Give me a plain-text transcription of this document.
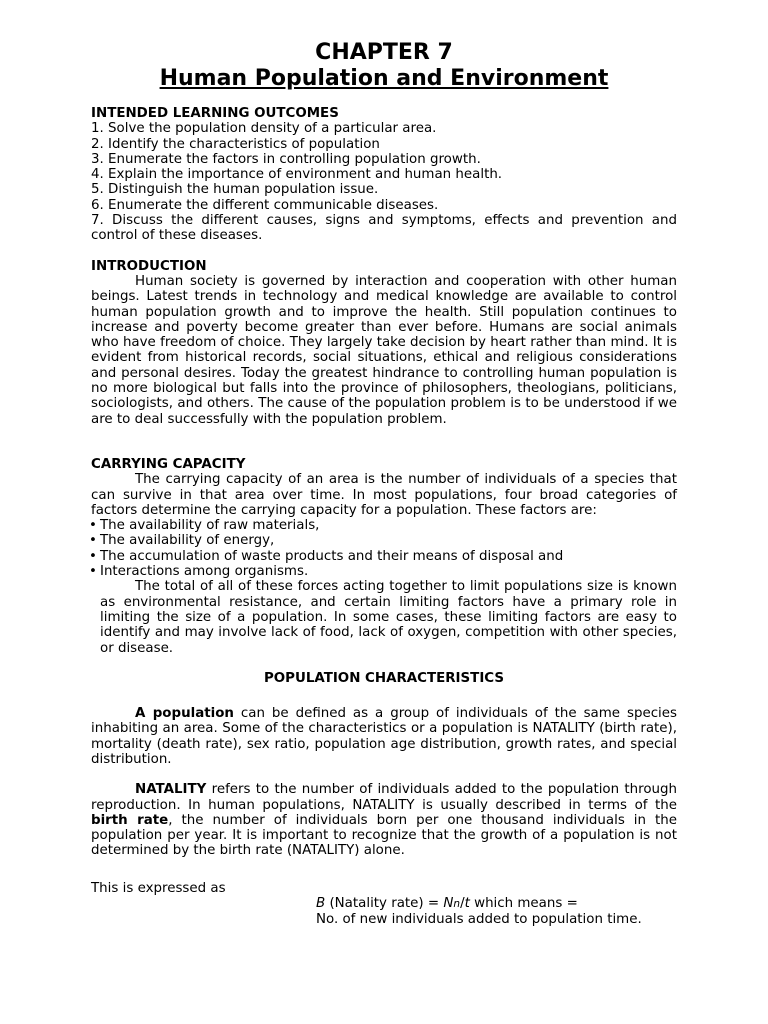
CHAPTER 7
Human Population and Environment
INTENDED LEARNING OUTCOMES
1. Solve the population density of a particular area.
2. Identify the characteristics of population
3. Enumerate the factors in controlling population growth.
4. Explain the importance of environment and human health.
5. Distinguish the human population issue.
6. Enumerate the different communicable diseases.
7. Discuss the different causes, signs and symptoms, effects and prevention and control of these diseases.
INTRODUCTION

Human society is governed by interaction and cooperation with other human beings. Latest trends in technology and medical knowledge are available to control human population growth and to improve the health. Still population continues to increase and poverty become greater than ever before. Humans are social animals who have freedom of choice. They largely take decision by heart rather than mind. It is evident from historical records, social situations, ethical and religious considerations and personal desires. Today the greatest hindrance to controlling human population is no more biological but falls into the province of philosophers, theologians, politicians, sociologists, and others. The cause of the population problem is to be understood if we are to deal successfully with the population problem.

CARRYING CAPACITY

The carrying capacity of an area is the number of individuals of a species that can survive in that area over time. In most populations, four broad categories of factors determine the carrying capacity for a population. These factors are:

• The availability of raw materials,
• The availability of energy,
• The accumulation of waste products and their means of disposal and
• Interactions among organisms.

The total of all of these forces acting together to limit populations size is known as environmental resistance, and certain limiting factors have a primary role in limiting the size of a population. In some cases, these limiting factors are easy to identify and may involve lack of food, lack of oxygen, competition with other species, or disease.

POPULATION CHARACTERISTICS

A population can be defined as a group of individuals of the same species inhabiting an area. Some of the characteristics or a population is NATALITY (birth rate), mortality (death rate), sex ratio, population age distribution, growth rates, and special distribution.

NATALITY refers to the number of individuals added to the population through reproduction. In human populations, NATALITY is usually described in terms of the birth rate, the number of individuals born per one thousand individuals in the population per year. It is important to recognize that the growth of a population is not determined by the birth rate (NATALITY) alone.

This is expressed as
B (Natality rate) = Nn/t which means =
No. of new individuals added to population time.
